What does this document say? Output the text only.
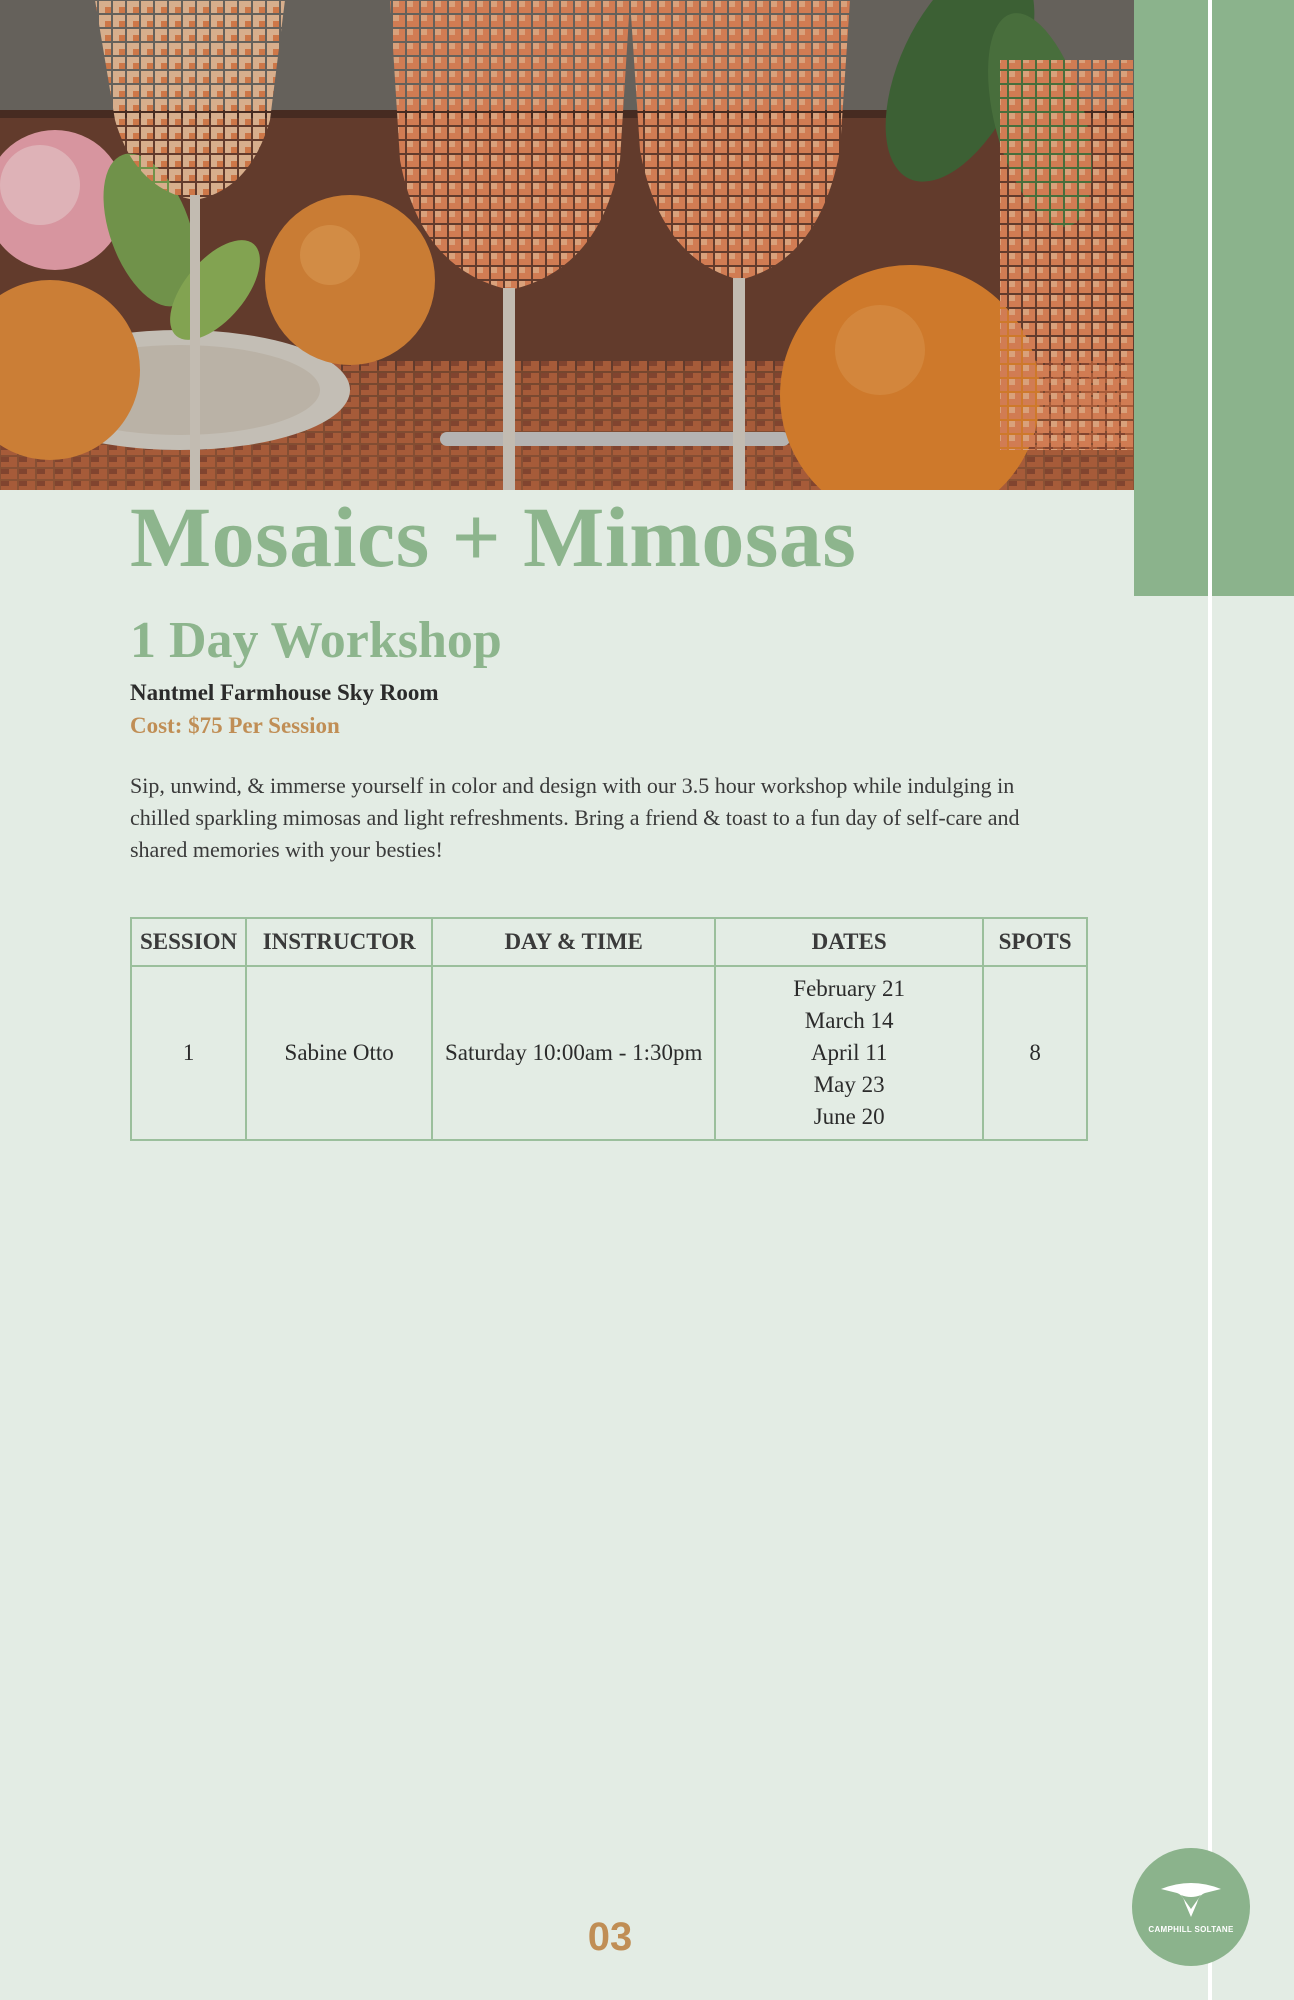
Mosaics + Mimosas
1 Day Workshop
Nantmel Farmhouse Sky Room
Cost: $75 Per Session

Sip, unwind, & immerse yourself in color and design with our 3.5 hour workshop while indulging in chilled sparkling mimosas and light refreshments. Bring a friend & toast to a fun day of self-care and shared memories with your besties!

SESSION	INSTRUCTOR	DAY & TIME	DATES	SPOTS
1	Sabine Otto	Saturday 10:00am - 1:30pm	February 21
March 14
April 11
May 23
June 20	8
03	CAMPHILL SOLTANE
